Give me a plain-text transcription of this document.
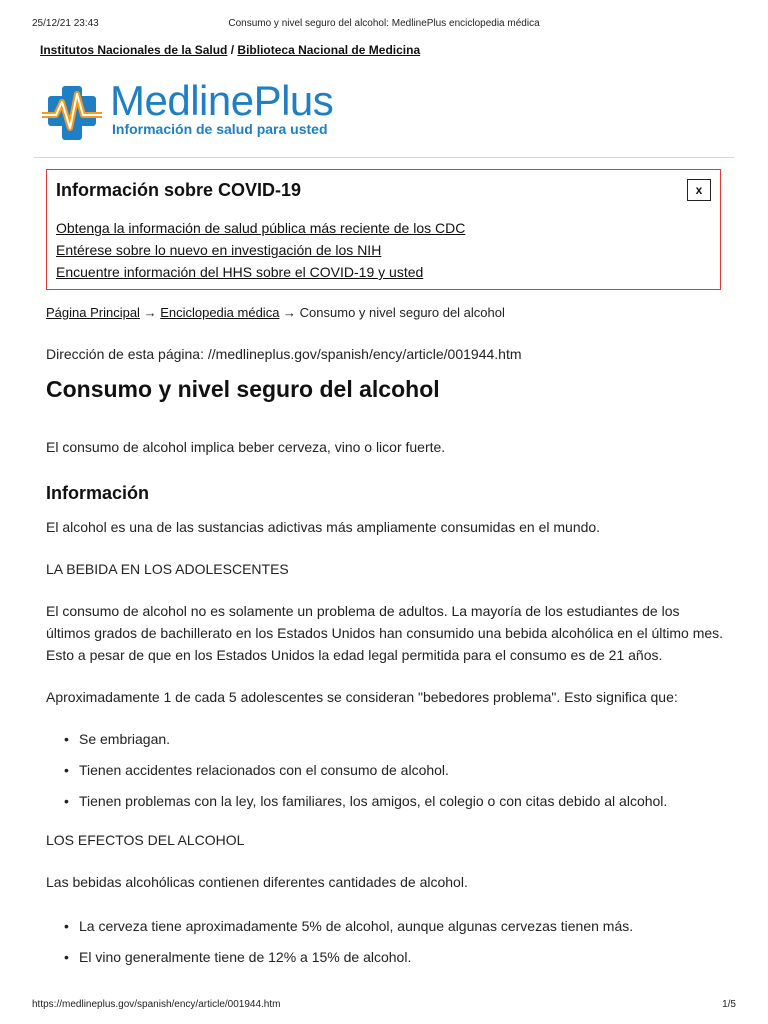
25/12/21 23:43	Consumo y nivel seguro del alcohol: MedlinePlus enciclopedia médica
Institutos Nacionales de la Salud / Biblioteca Nacional de Medicina
MedlinePlus
Información de salud para usted
Información sobre COVID-19	x
Obtenga la información de salud pública más reciente de los CDC
Entérese sobre lo nuevo en investigación de los NIH
Encuentre información del HHS sobre el COVID-19 y usted
Página Principal → Enciclopedia médica → Consumo y nivel seguro del alcohol
Dirección de esta página: //medlineplus.gov/spanish/ency/article/001944.htm
Consumo y nivel seguro del alcohol

El consumo de alcohol implica beber cerveza, vino o licor fuerte.

Información

El alcohol es una de las sustancias adictivas más ampliamente consumidas en el mundo.

LA BEBIDA EN LOS ADOLESCENTES

El consumo de alcohol no es solamente un problema de adultos. La mayoría de los estudiantes de los últimos grados de bachillerato en los Estados Unidos han consumido una bebida alcohólica en el último mes. Esto a pesar de que en los Estados Unidos la edad legal permitida para el consumo es de 21 años.

Aproximadamente 1 de cada 5 adolescentes se consideran "bebedores problema". Esto significa que:

• Se embriagan.
• Tienen accidentes relacionados con el consumo de alcohol.
• Tienen problemas con la ley, los familiares, los amigos, el colegio o con citas debido al alcohol.

LOS EFECTOS DEL ALCOHOL

Las bebidas alcohólicas contienen diferentes cantidades de alcohol.

• La cerveza tiene aproximadamente 5% de alcohol, aunque algunas cervezas tienen más.
• El vino generalmente tiene de 12% a 15% de alcohol.
https://medlineplus.gov/spanish/ency/article/001944.htm	1/5
